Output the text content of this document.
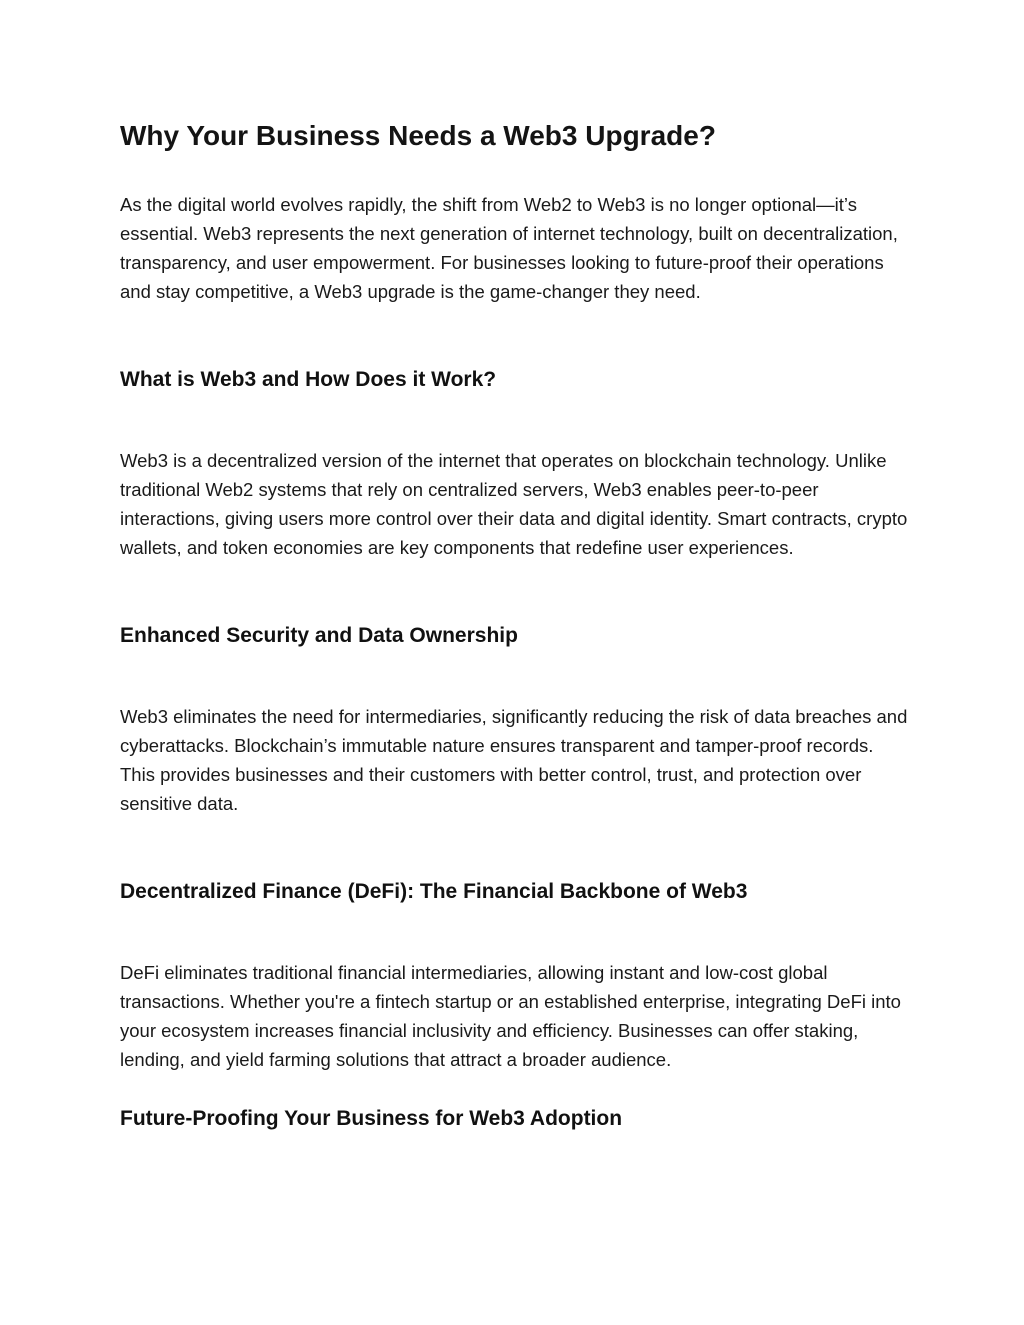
Why Your Business Needs a Web3 Upgrade?

As the digital world evolves rapidly, the shift from Web2 to Web3 is no longer optional—it’s essential. Web3 represents the next generation of internet technology, built on decentralization, transparency, and user empowerment. For businesses looking to future-proof their operations and stay competitive, a Web3 upgrade is the game-changer they need.

What is Web3 and How Does it Work?

Web3 is a decentralized version of the internet that operates on blockchain technology. Unlike traditional Web2 systems that rely on centralized servers, Web3 enables peer-to-peer interactions, giving users more control over their data and digital identity. Smart contracts, crypto wallets, and token economies are key components that redefine user experiences.

Enhanced Security and Data Ownership

Web3 eliminates the need for intermediaries, significantly reducing the risk of data breaches and cyberattacks. Blockchain’s immutable nature ensures transparent and tamper-proof records. This provides businesses and their customers with better control, trust, and protection over sensitive data.

Decentralized Finance (DeFi): The Financial Backbone of Web3

DeFi eliminates traditional financial intermediaries, allowing instant and low-cost global transactions. Whether you're a fintech startup or an established enterprise, integrating DeFi into your ecosystem increases financial inclusivity and efficiency. Businesses can offer staking, lending, and yield farming solutions that attract a broader audience.

Future-Proofing Your Business for Web3 Adoption
